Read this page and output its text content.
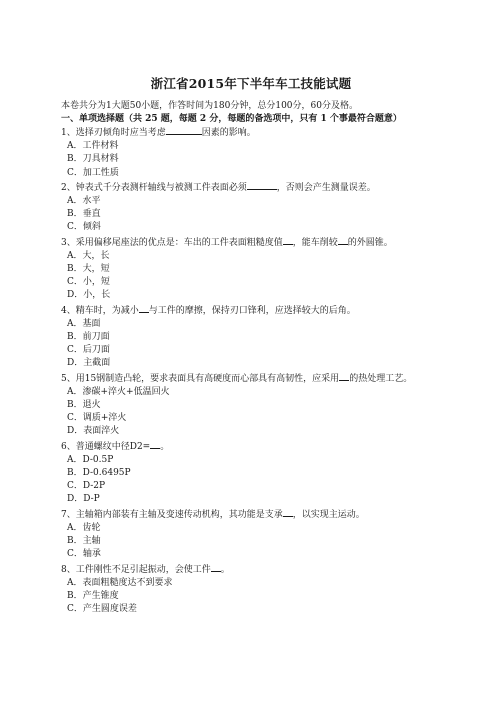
浙江省2015年下半年车工技能试题
本卷共分为1大题50小题，作答时间为180分钟，总分100分，60分及格。
一、单项选择题（共 25 题，每题 2 分，每题的备选项中，只有 1 个事最符合题意）
1、选择刃倾角时应当考虑	因素的影响。
A．工件材料
B．刀具材料
C．加工性质
2、钟表式千分表测杆轴线与被测工件表面必须	，否则会产生测量误差。
A．水平
B．垂直
C．倾斜
3、采用偏移尾座法的优点是：车出的工件表面粗糙度值 ，能车削较 的外圆锥。
A．大，长
B．大，短
C．小，短
D．小，长
4、精车时，为减小 与工件的摩擦，保持刃口锋利，应选择较大的后角。
A．基面
B．前刀面
C．后刀面
D．主截面
5、用15钢制造凸轮，要求表面具有高硬度而心部具有高韧性，应采用 的热处理工艺。
A．渗碳+淬火+低温回火
B．退火
C．调质+淬火
D．表面淬火
6、普通螺纹中径D2= 。
A．D-0.5P
B．D-0.6495P
C．D-2P
D．D-P
7、主轴箱内部装有主轴及变速传动机构，其功能是支承 ，以实现主运动。
A．齿轮
B．主轴
C．轴承
8、工件刚性不足引起振动，会使工件 。
A．表面粗糙度达不到要求
B．产生锥度
C．产生圆度误差
